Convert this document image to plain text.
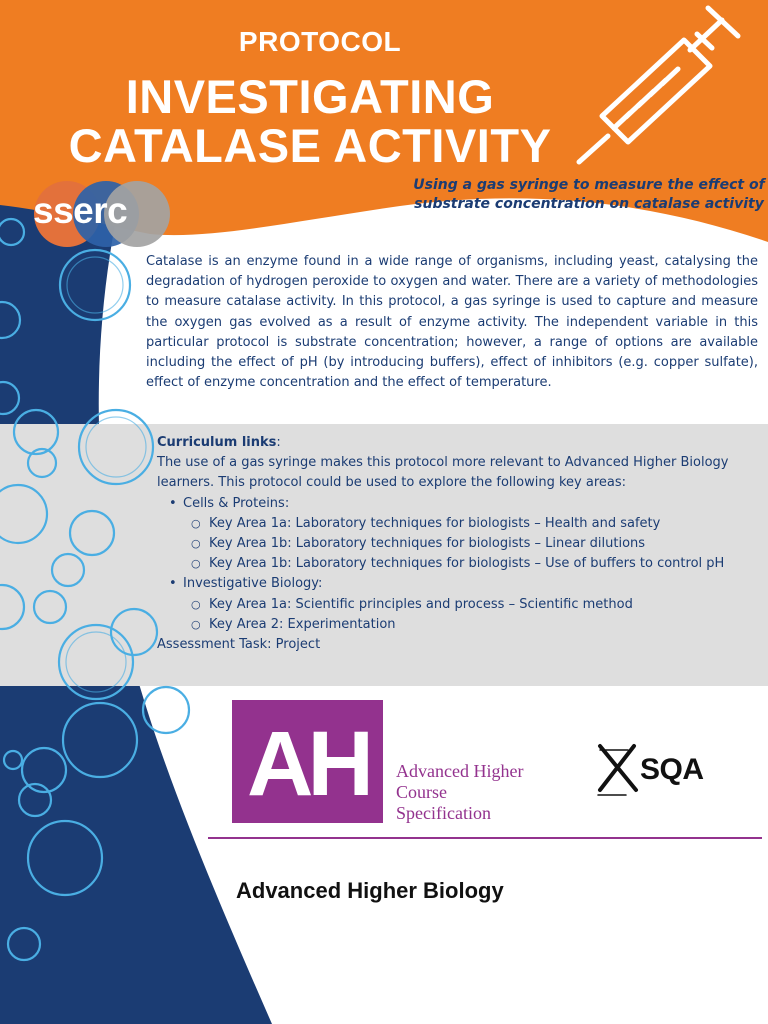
PROTOCOL
INVESTIGATING
CATALASE ACTIVITY
Using a gas syringe to measure the effect of substrate concentration on catalase activity
sserc
Catalase is an enzyme found in a wide range of organisms, including yeast, catalysing the degradation of hydrogen peroxide to oxygen and water. There are a variety of methodologies to measure catalase activity. In this protocol, a gas syringe is used to capture and measure the oxygen gas evolved as a result of enzyme activity. The independent variable in this particular protocol is substrate concentration; however, a range of options are available including the effect of pH (by introducing buffers), effect of inhibitors (e.g. copper sulfate), effect of enzyme concentration and the effect of temperature.
Curriculum links:
The use of a gas syringe makes this protocol more relevant to Advanced Higher Biology learners. This protocol could be used to explore the following key areas:
• Cells & Proteins:
○ Key Area 1a: Laboratory techniques for biologists – Health and safety
○ Key Area 1b: Laboratory techniques for biologists – Linear dilutions
○ Key Area 1b: Laboratory techniques for biologists – Use of buffers to control pH
• Investigative Biology:
○ Key Area 1a: Scientific principles and process – Scientific method
○ Key Area 2: Experimentation
Assessment Task: Project
AH	Advanced Higher
Course
Specification
SQA
Advanced Higher Biology
